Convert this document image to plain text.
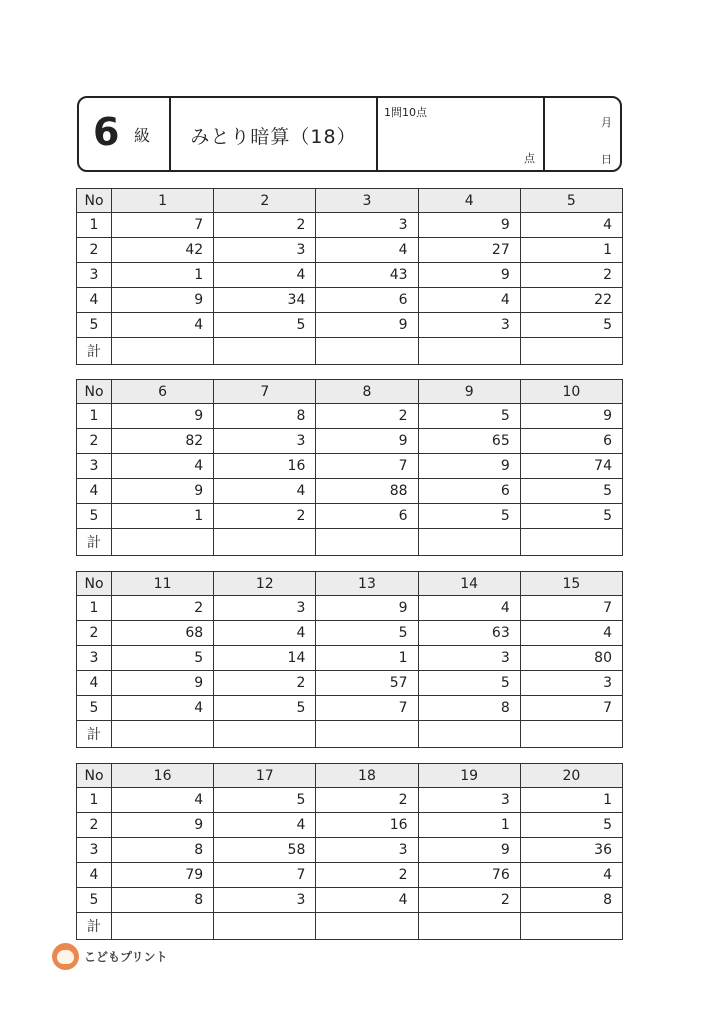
6 級	みとり暗算（18）
1問10点
点
月
日
No	1	2	3	4	5
1	7	2	3	9	4
2	42	3	4	27	1
3	1	4	43	9	2
4	9	34	6	4	22
5	4	5	9	3	5
計					
No	6	7	8	9	10
1	9	8	2	5	9
2	82	3	9	65	6
3	4	16	7	9	74
4	9	4	88	6	5
5	1	2	6	5	5
計					
No	11	12	13	14	15
1	2	3	9	4	7
2	68	4	5	63	4
3	5	14	1	3	80
4	9	2	57	5	3
5	4	5	7	8	7
計					
No	16	17	18	19	20
1	4	5	2	3	1
2	9	4	16	1	5
3	8	58	3	9	36
4	79	7	2	76	4
5	8	3	4	2	8
計					
こどもプリント
